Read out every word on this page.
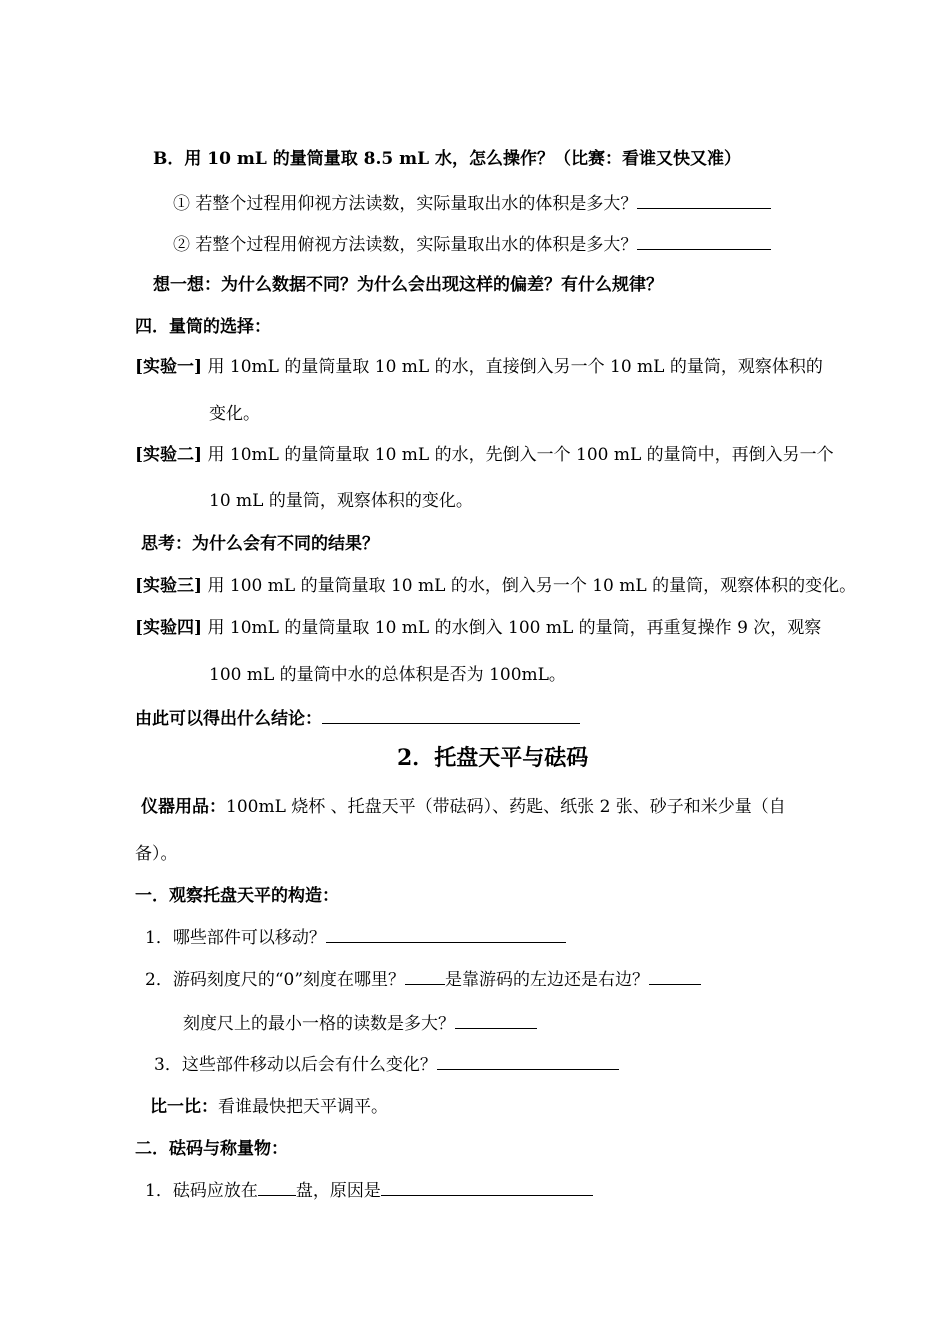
B．用 10 mL 的量筒量取 8.5 mL 水，怎么操作？（比赛：看谁又快又准）
① 若整个过程用仰视方法读数，实际量取出水的体积是多大？
② 若整个过程用俯视方法读数，实际量取出水的体积是多大？
想一想：为什么数据不同？为什么会出现这样的偏差？有什么规律？
四．量筒的选择：
[实验一] 用 10mL 的量筒量取 10 mL 的水，直接倒入另一个 10 mL 的量筒，观察体积的
变化。
[实验二] 用 10mL 的量筒量取 10 mL 的水，先倒入一个 100 mL 的量筒中，再倒入另一个
10 mL 的量筒，观察体积的变化。
思考：为什么会有不同的结果？
[实验三] 用 100 mL 的量筒量取 10 mL 的水，倒入另一个 10 mL 的量筒，观察体积的变化。
[实验四] 用 10mL 的量筒量取 10 mL 的水倒入 100 mL 的量筒，再重复操作 9 次，观察
100 mL 的量筒中水的总体积是否为 100mL。
由此可以得出什么结论：
2．托盘天平与砝码
仪器用品：100mL 烧杯 、托盘天平（带砝码）、药匙、纸张 2 张、砂子和米少量（自
备）。
一．观察托盘天平的构造：
1．哪些部件可以移动？
2．游码刻度尺的“0”刻度在哪里？ 是靠游码的左边还是右边？
刻度尺上的最小一格的读数是多大？
3．这些部件移动以后会有什么变化？
比一比：看谁最快把天平调平。
二．砝码与称量物：
1．砝码应放在 盘，原因是
